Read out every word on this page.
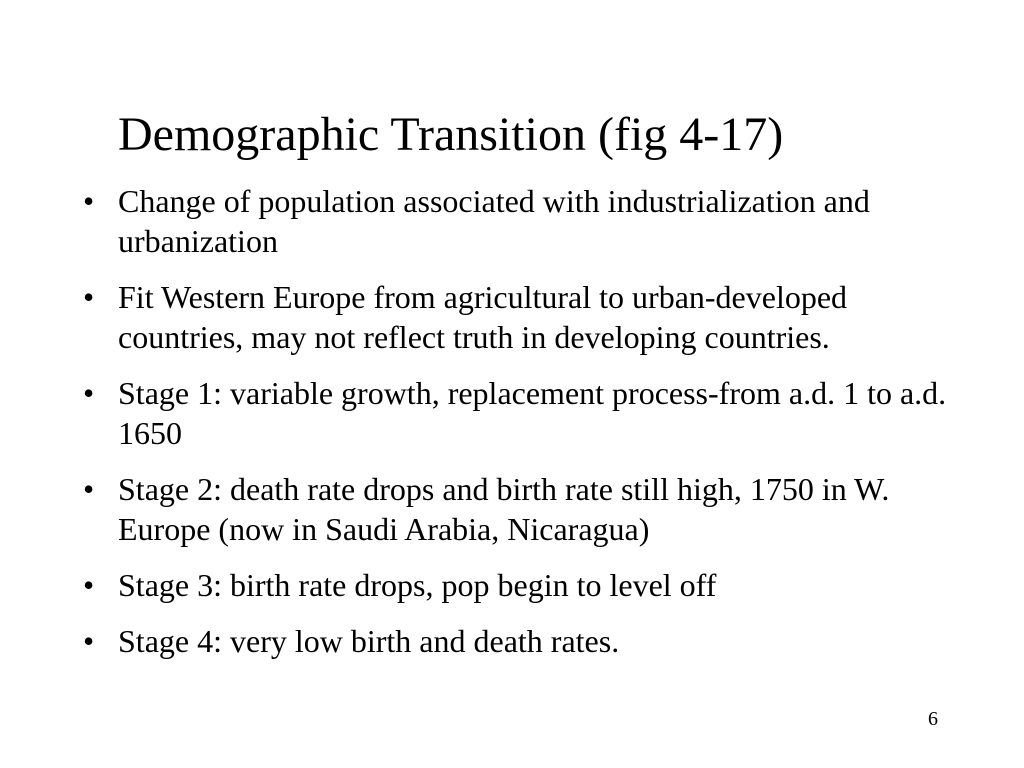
Demographic Transition (fig 4-17)
• Change of population associated with industrialization and urbanization
• Fit Western Europe from agricultural to urban-developed countries, may not reflect truth in developing countries.
• Stage 1: variable growth, replacement process-from a.d. 1 to a.d. 1650
• Stage 2: death rate drops and birth rate still high, 1750 in W. Europe (now in Saudi Arabia, Nicaragua)
• Stage 3: birth rate drops, pop begin to level off
• Stage 4: very low birth and death rates.
6
